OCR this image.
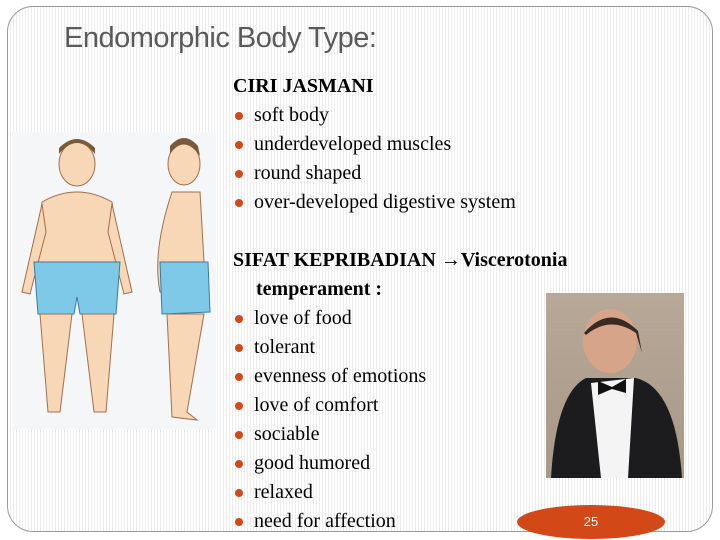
Endomorphic Body Type:
CIRI JASMANI
soft body
underdeveloped muscles
round shaped
over-developed digestive system
SIFAT KEPRIBADIAN →Viscerotonia
temperament :
love of food
tolerant
evenness of emotions
love of comfort
sociable
good humored
relaxed
need for affection	25
